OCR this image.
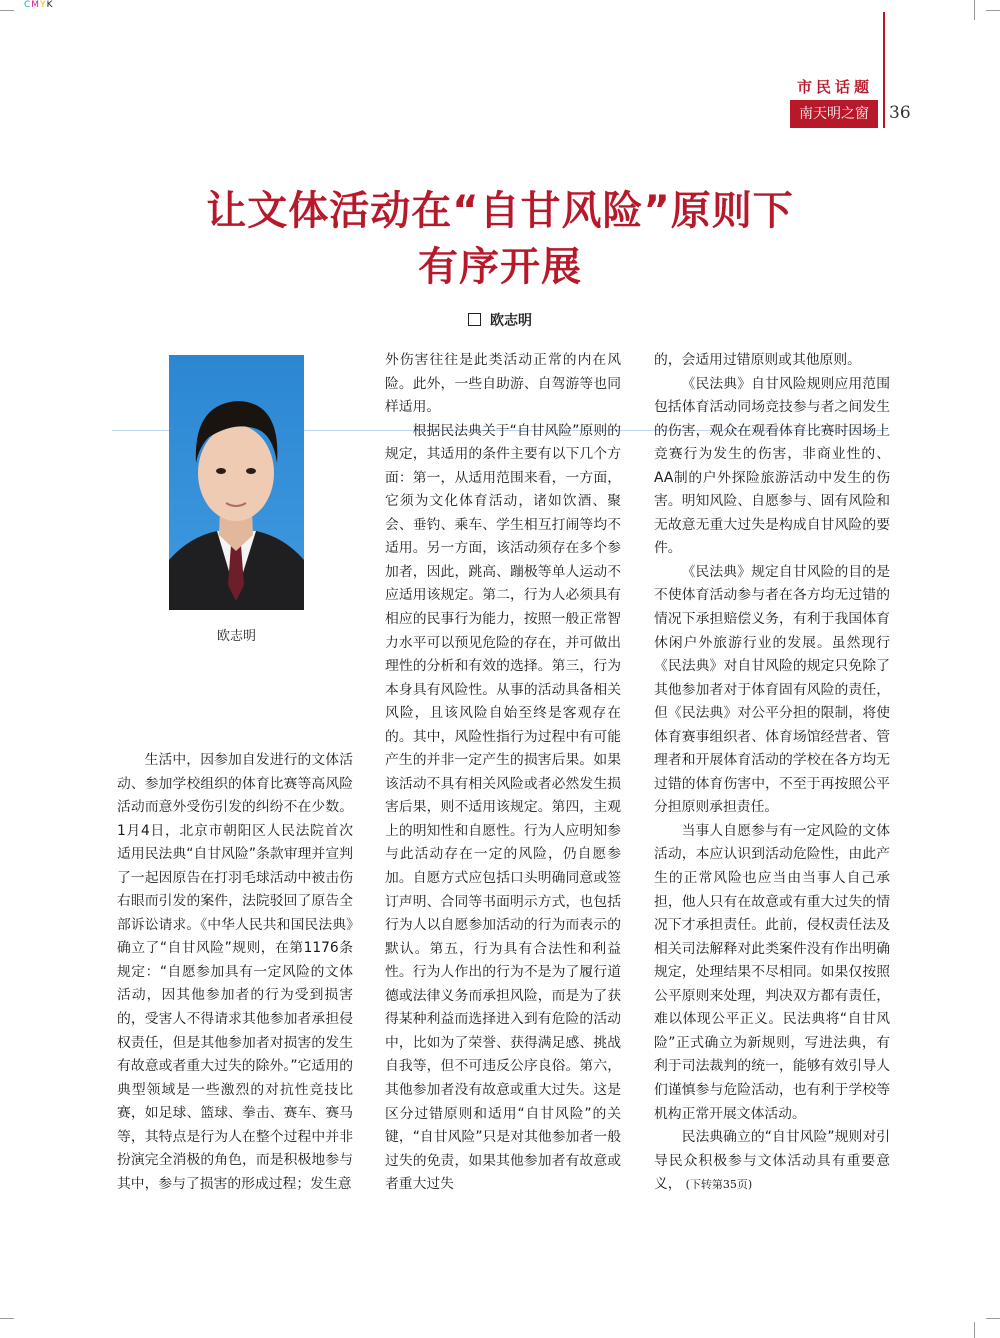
CMYK
市民话题
南天明之窗	36
让文体活动在“自甘风险”原则下
有序开展
欧志明
欧志明

生活中，因参加自发进行的文体活动、参加学校组织的体育比赛等高风险活动而意外受伤引发的纠纷不在少数。1月4日，北京市朝阳区人民法院首次适用民法典“自甘风险”条款审理并宣判了一起因原告在打羽毛球活动中被击伤右眼而引发的案件，法院驳回了原告全部诉讼请求。《中华人民共和国民法典》确立了“自甘风险”规则，在第1176条规定：“自愿参加具有一定风险的文体活动，因其他参加者的行为受到损害的，受害人不得请求其他参加者承担侵权责任，但是其他参加者对损害的发生有故意或者重大过失的除外。”它适用的典型领域是一些激烈的对抗性竞技比赛，如足球、篮球、拳击、赛车、赛马等，其特点是行为人在整个过程中并非扮演完全消极的角色，而是积极地参与其中，参与了损害的形成过程；发生意

外伤害往往是此类活动正常的内在风险。此外，一些自助游、自驾游等也同样适用。

根据民法典关于“自甘风险”原则的规定，其适用的条件主要有以下几个方面：第一，从适用范围来看，一方面，它须为文化体育活动，诸如饮酒、聚会、垂钓、乘车、学生相互打闹等均不适用。另一方面，该活动须存在多个参加者，因此，跳高、蹦极等单人运动不应适用该规定。第二，行为人必须具有相应的民事行为能力，按照一般正常智力水平可以预见危险的存在，并可做出理性的分析和有效的选择。第三，行为本身具有风险性。从事的活动具备相关风险，且该风险自始至终是客观存在的。其中，风险性指行为过程中有可能产生的并非一定产生的损害后果。如果该活动不具有相关风险或者必然发生损害后果，则不适用该规定。第四，主观上的明知性和自愿性。行为人应明知参与此活动存在一定的风险，仍自愿参加。自愿方式应包括口头明确同意或签订声明、合同等书面明示方式，也包括行为人以自愿参加活动的行为而表示的默认。第五，行为具有合法性和利益性。行为人作出的行为不是为了履行道德或法律义务而承担风险，而是为了获得某种利益而选择进入到有危险的活动中，比如为了荣誉、获得满足感、挑战自我等，但不可违反公序良俗。第六，其他参加者没有故意或重大过失。这是区分过错原则和适用“自甘风险”的关键，“自甘风险”只是对其他参加者一般过失的免责，如果其他参加者有故意或者重大过失

的，会适用过错原则或其他原则。

《民法典》自甘风险规则应用范围包括体育活动同场竞技参与者之间发生的伤害，观众在观看体育比赛时因场上竞赛行为发生的伤害，非商业性的、AA制的户外探险旅游活动中发生的伤害。明知风险、自愿参与、固有风险和无故意无重大过失是构成自甘风险的要件。

《民法典》规定自甘风险的目的是不使体育活动参与者在各方均无过错的情况下承担赔偿义务，有利于我国体育休闲户外旅游行业的发展。虽然现行《民法典》对自甘风险的规定只免除了其他参加者对于体育固有风险的责任，但《民法典》对公平分担的限制，将使体育赛事组织者、体育场馆经营者、管理者和开展体育活动的学校在各方均无过错的体育伤害中，不至于再按照公平分担原则承担责任。

当事人自愿参与有一定风险的文体活动，本应认识到活动危险性，由此产生的正常风险也应当由当事人自己承担，他人只有在故意或有重大过失的情况下才承担责任。此前，侵权责任法及相关司法解释对此类案件没有作出明确规定，处理结果不尽相同。如果仅按照公平原则来处理，判决双方都有责任，难以体现公平正义。民法典将“自甘风险”正式确立为新规则，写进法典，有利于司法裁判的统一，能够有效引导人们谨慎参与危险活动，也有利于学校等机构正常开展文体活动。

民法典确立的“自甘风险”规则对引导民众积极参与文体活动具有重要意义， (下转第35页)
